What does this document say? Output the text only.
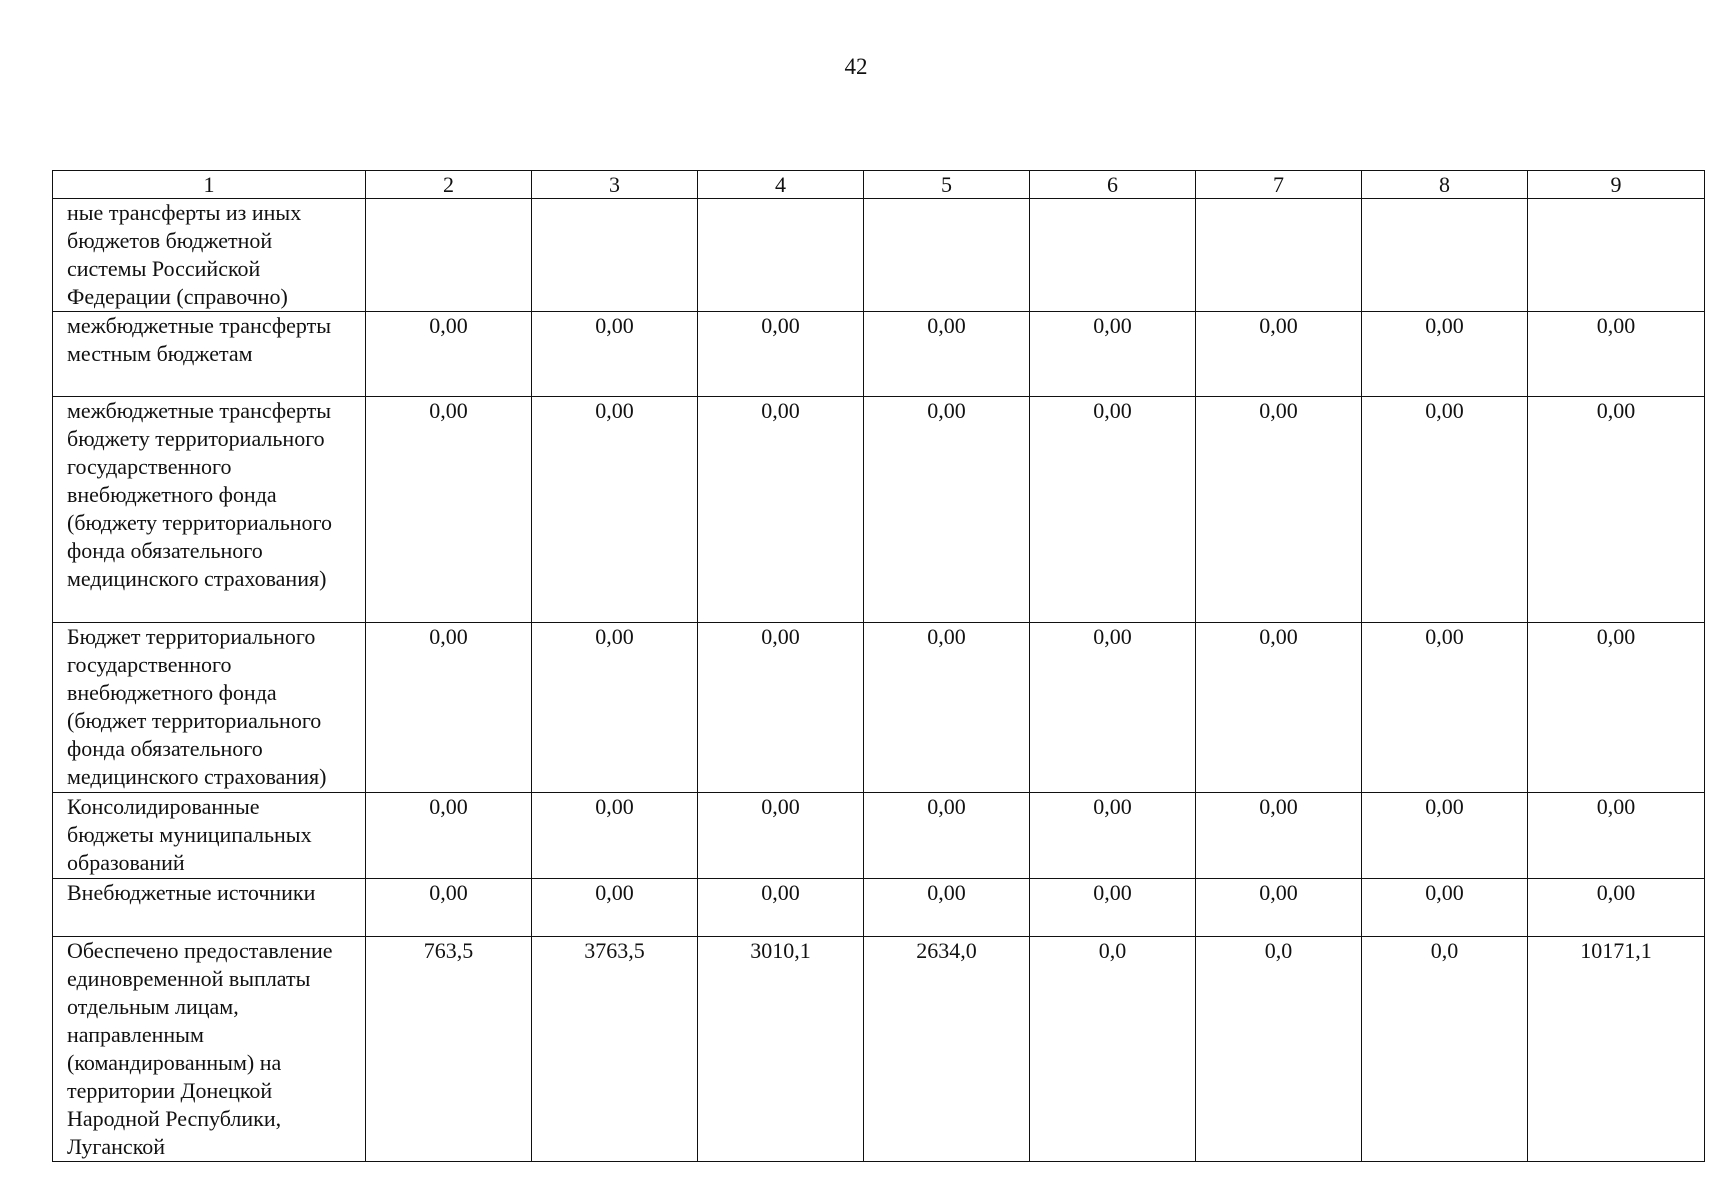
42
1	2	3	4	5	6	7	8	9
ные трансферты из иных бюджетов бюджетной системы Российской Федерации (справочно)								
межбюджетные трансферты местным бюджетам	0,00	0,00	0,00	0,00	0,00	0,00	0,00	0,00
межбюджетные трансферты бюджету территориального государственного внебюджетного фонда (бюджету территориального фонда обязательного медицинского страхования)	0,00	0,00	0,00	0,00	0,00	0,00	0,00	0,00
Бюджет территориального государственного внебюджетного фонда (бюджет территориального фонда обязательного медицинского страхования)	0,00	0,00	0,00	0,00	0,00	0,00	0,00	0,00
Консолидированные бюджеты муниципальных образований	0,00	0,00	0,00	0,00	0,00	0,00	0,00	0,00
Внебюджетные источники	0,00	0,00	0,00	0,00	0,00	0,00	0,00	0,00
Обеспечено предоставление единовременной выплаты отдельным лицам, направленным (командированным) на территории Донецкой Народной Республики, Луганской	763,5	3763,5	3010,1	2634,0	0,0	0,0	0,0	10171,1
